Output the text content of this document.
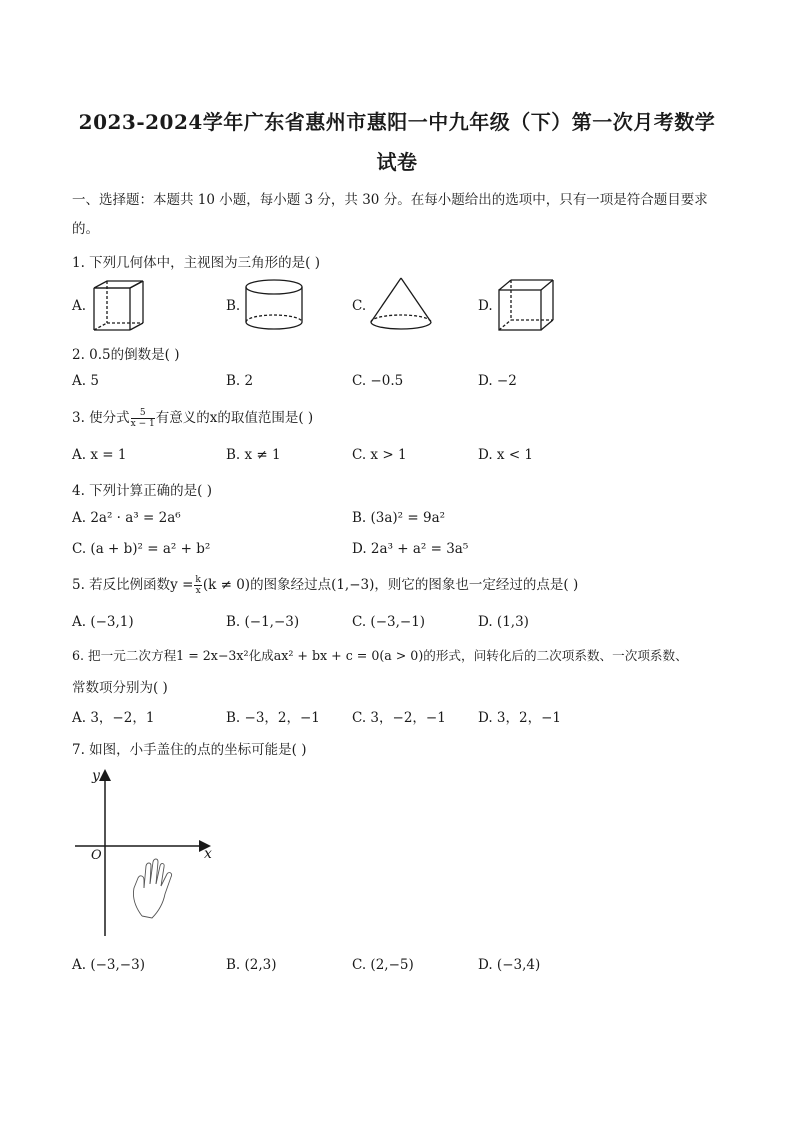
2023-2024学年广东省惠州市惠阳一中九年级（下）第一次月考数学
试卷
一、选择题：本题共 10 小题，每小题 3 分，共 30 分。在每小题给出的选项中，只有一项是符合题目要求
的。
1. 下列几何体中，主视图为三角形的是( )
A.	B.	C.	D.
2. 0.5的倒数是( )
A. 5	B. 2	C. −0.5	D. −2
3. 使分式 $\frac{5}{x - 1}$ 有意义的x的取值范围是( )
A. x = 1	B. x ≠ 1	C. x > 1	D. x < 1
4. 下列计算正确的是( )
A. 2a² · a³ = 2a⁶	B. (3a)² = 9a²
C. (a + b)² = a² + b²	D. 2a³ + a² = 3a⁵
5. 若反比例函数$y = \frac{k}{x} (k \ne 0)$的图象经过点(1,−3)，则它的图象也一定经过的点是( )
A. (−3,1)	B. (−1,−3)	C. (−3,−1)	D. (1,3)
6. 把一元二次方程1 = 2x−3x²化成ax² + bx + c = 0(a > 0)的形式，问转化后的二次项系数、一次项系数、
常数项分别为( )
A. 3，−2，1	B. −3，2，−1 C. 3，−2，−1 D. 3，2，−1
7. 如图，小手盖住的点的坐标可能是( )
y
x
O
A. (−3,−3)	B. (2,3)	C. (2,−5)	D. (−3,4)
